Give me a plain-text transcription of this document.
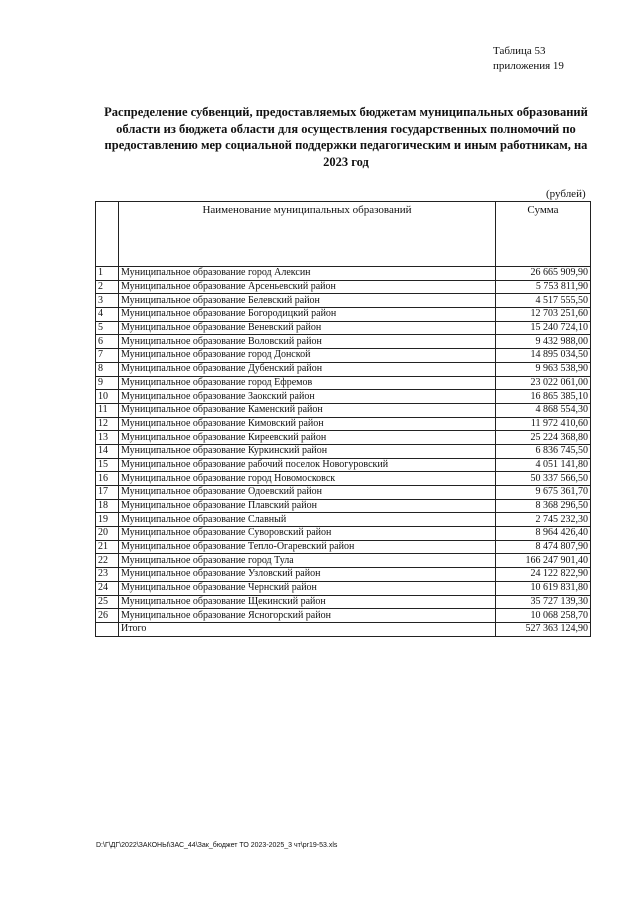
Таблица 53
приложения 19
Распределение субвенций, предоставляемых бюджетам муниципальных образований области из бюджета области для осуществления государственных полномочий по предоставлению мер социальной поддержки педагогическим и иным работникам, на 2023 год
(рублей)
	Наименование муниципальных образований	Сумма
1	Муниципальное образование город Алексин	26 665 909,90
2	Муниципальное образование Арсеньевский район	5 753 811,90
3	Муниципальное образование Белевский район	4 517 555,50
4	Муниципальное образование Богородицкий район	12 703 251,60
5	Муниципальное образование Веневский район	15 240 724,10
6	Муниципальное образование Воловский район	9 432 988,00
7	Муниципальное образование город Донской	14 895 034,50
8	Муниципальное образование Дубенский район	9 963 538,90
9	Муниципальное образование город Ефремов	23 022 061,00
10	Муниципальное образование Заокский район	16 865 385,10
11	Муниципальное образование Каменский район	4 868 554,30
12	Муниципальное образование Кимовский район	11 972 410,60
13	Муниципальное образование Киреевский район	25 224 368,80
14	Муниципальное образование Куркинский район	6 836 745,50
15	Муниципальное образование рабочий поселок Новогуровский	4 051 141,80
16	Муниципальное образование город Новомосковск	50 337 566,50
17	Муниципальное образование Одоевский район	9 675 361,70
18	Муниципальное образование Плавский район	8 368 296,50
19	Муниципальное образование Славный	2 745 232,30
20	Муниципальное образование Суворовский район	8 964 426,40
21	Муниципальное образование Тепло-Огаревский район	8 474 807,90
22	Муниципальное образование город Тула	166 247 901,40
23	Муниципальное образование Узловский район	24 122 822,90
24	Муниципальное образование Чернский район	10 619 831,80
25	Муниципальное образование Щекинский район	35 727 139,30
26	Муниципальное образование Ясногорский район	10 068 258,70
	Итого	527 363 124,90
D:\Г\ДГ\2022\ЗАКОНЫ\ЗАС_44\Зак_бюджет ТО 2023-2025_3 чт\pr19-53.xls
